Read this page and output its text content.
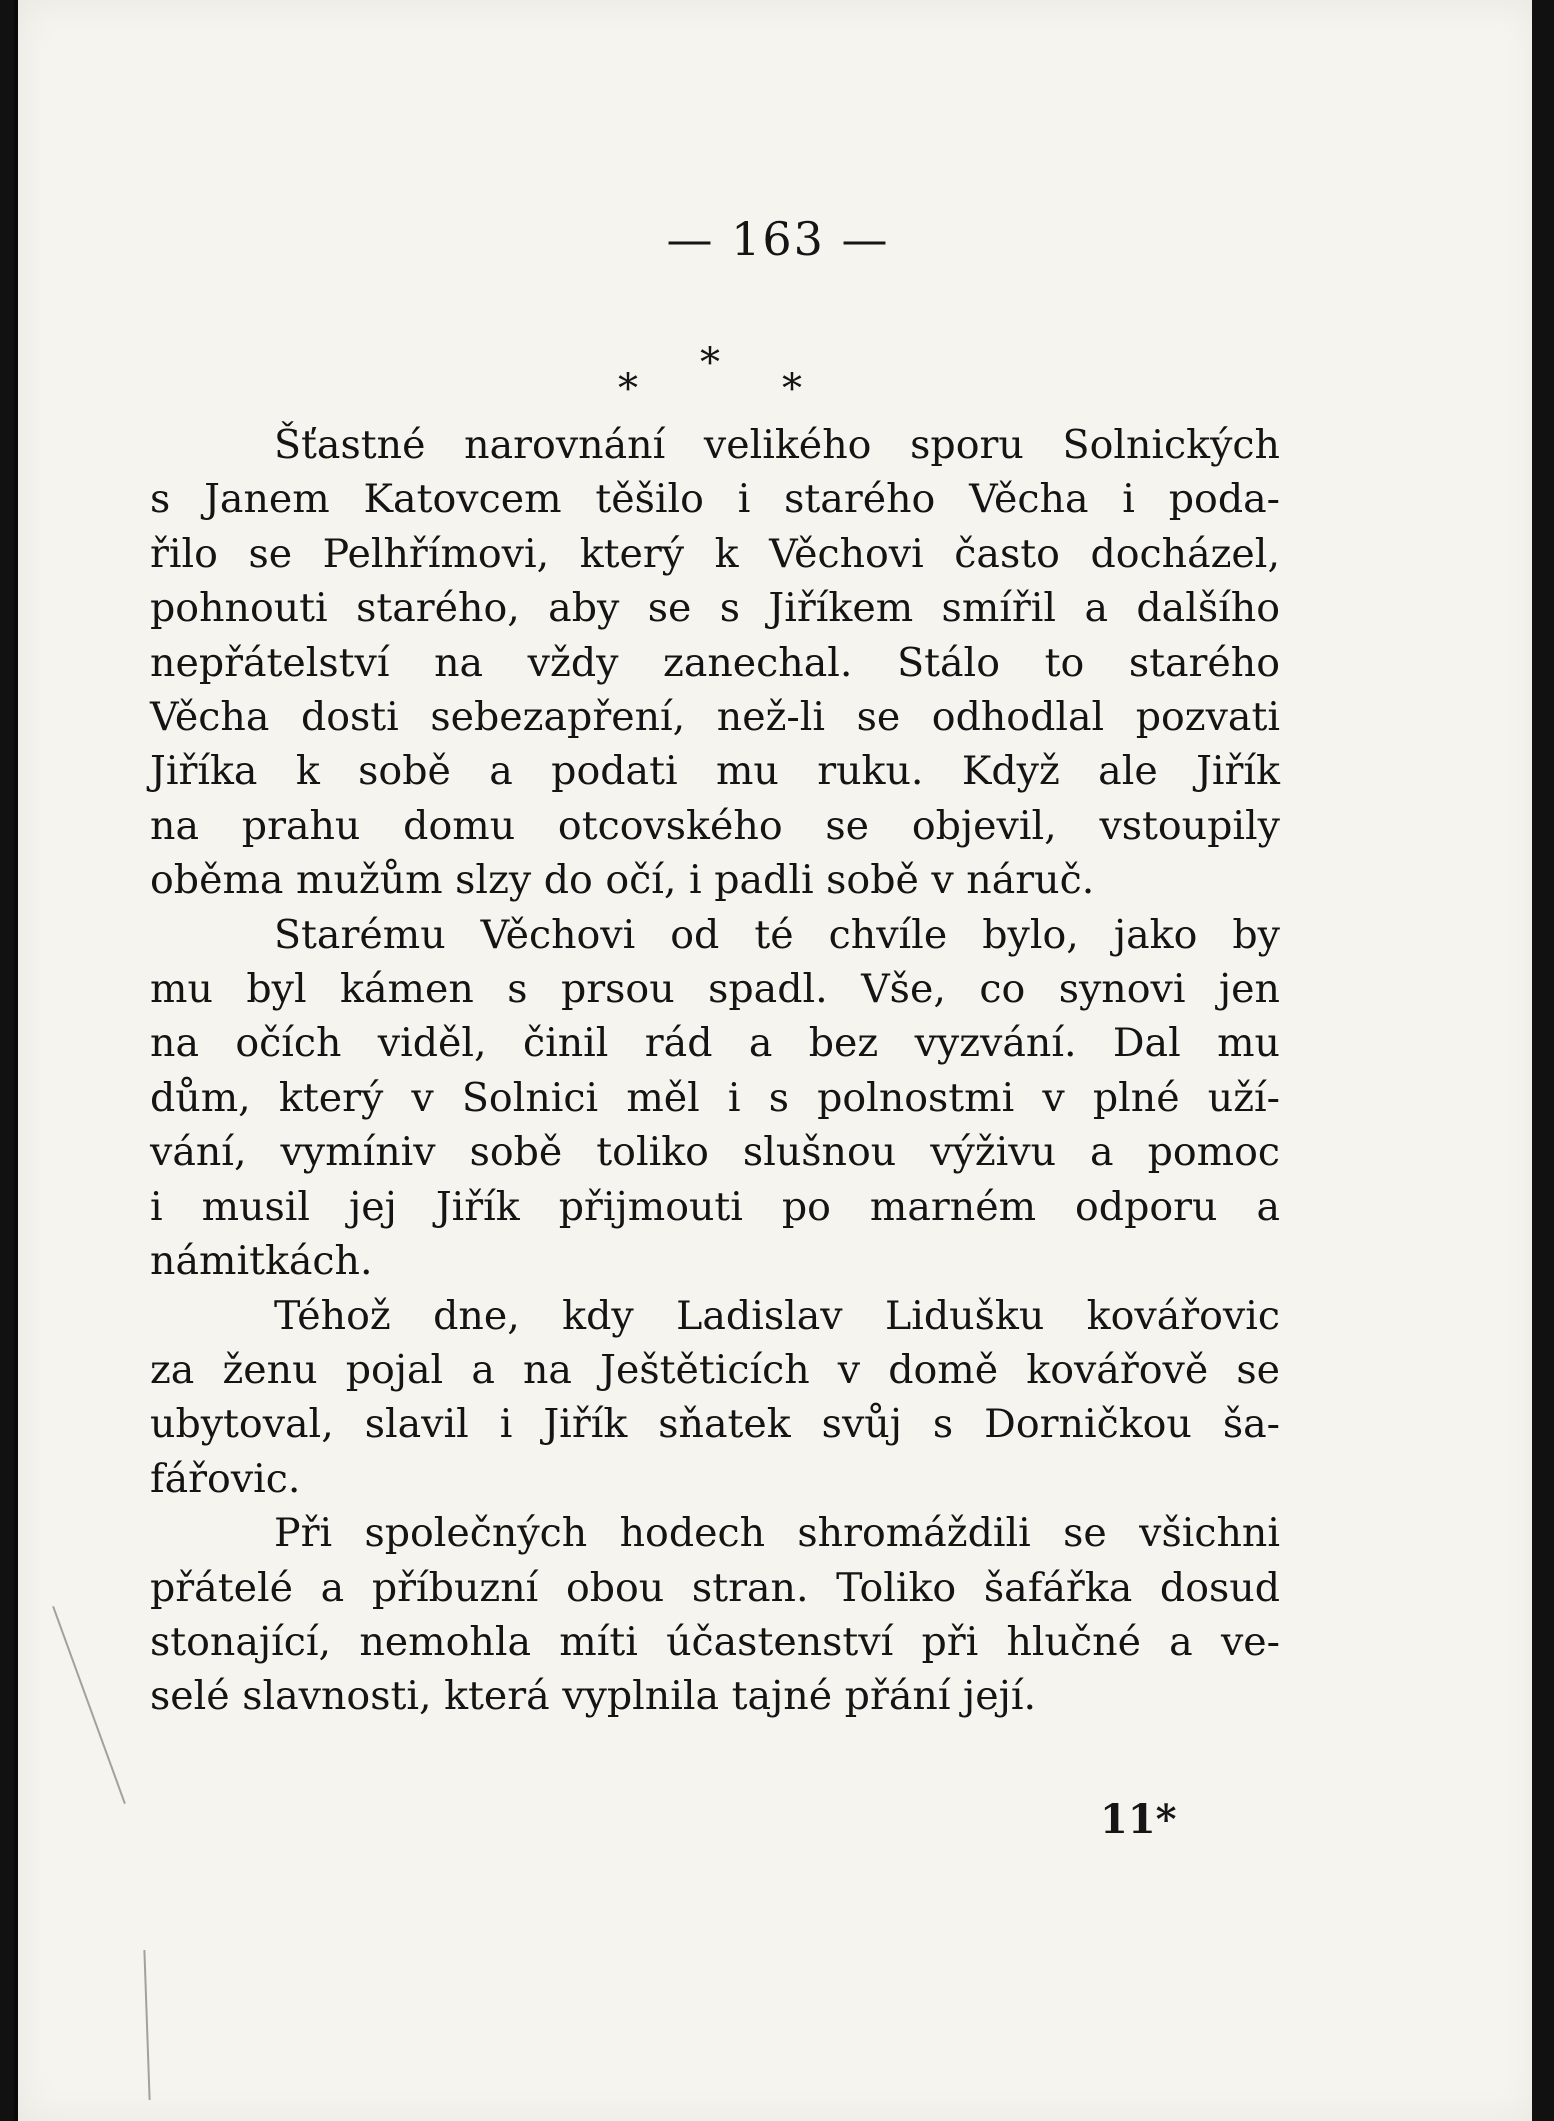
— 163 —
*
*
*
Šťastné narovnání velikého sporu Solnických
s Janem Katovcem těšilo i starého Věcha i poda-
řilo se Pelhřímovi, který k Věchovi často docházel,
pohnouti starého, aby se s Jiříkem smířil a dalšího
nepřátelství na vždy zanechal. Stálo to starého
Věcha dosti sebezapření, než-li se odhodlal pozvati
Jiříka k sobě a podati mu ruku. Když ale Jiřík
na prahu domu otcovského se objevil, vstoupily
oběma mužům slzy do očí, i padli sobě v náruč.
Starému Věchovi od té chvíle bylo, jako by
mu byl kámen s prsou spadl. Vše, co synovi jen
na očích viděl, činil rád a bez vyzvání. Dal mu
dům, který v Solnici měl i s polnostmi v plné uží-
vání, vymíniv sobě toliko slušnou výživu a pomoc
i musil jej Jiřík přijmouti po marném odporu a
námitkách.
Téhož dne, kdy Ladislav Lidušku kovářovic
za ženu pojal a na Ještěticích v domě kovářově se
ubytoval, slavil i Jiřík sňatek svůj s Dorničkou ša-
fářovic.
Při společných hodech shromáždili se všichni
přátelé a příbuzní obou stran. Toliko šafářka dosud
stonající, nemohla míti účastenství při hlučné a ve-
selé slavnosti, která vyplnila tajné přání její.
11*
